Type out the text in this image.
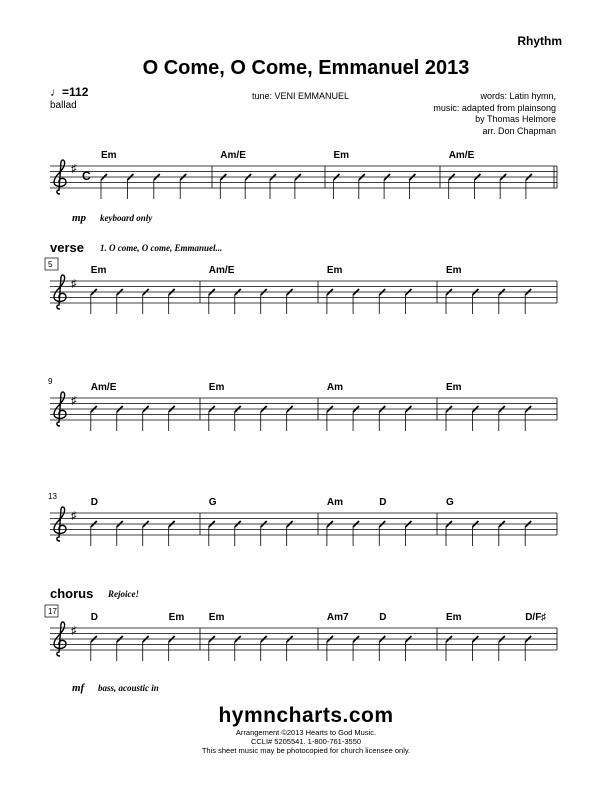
Rhythm
O Come, O Come, Emmanuel 2013
♩=112
ballad
tune: VENI EMMANUEL	words: Latin hymn,
music: adapted from plainsong
by Thomas Helmore
arr. Don Chapman
♯ C
Em	Am/E	Em	Am/E
♯
5
Em	Am/E	Em	Em
♯
9
Am/E	Em	Am	Em
♯
13
D	G	Am	D	G
♯
17
D	Em Em	Am7	D	Em	D/F♯
mp keyboard only
verse 1. O come, O come, Emmanuel...
chorus Rejoice!
mf bass, acoustic in
hymncharts.com
Arrangement ©2013 Hearts to God Music.
CCLI# 5205541. 1-800-761-3550
This sheet music may be photocopied for church licensee only.
